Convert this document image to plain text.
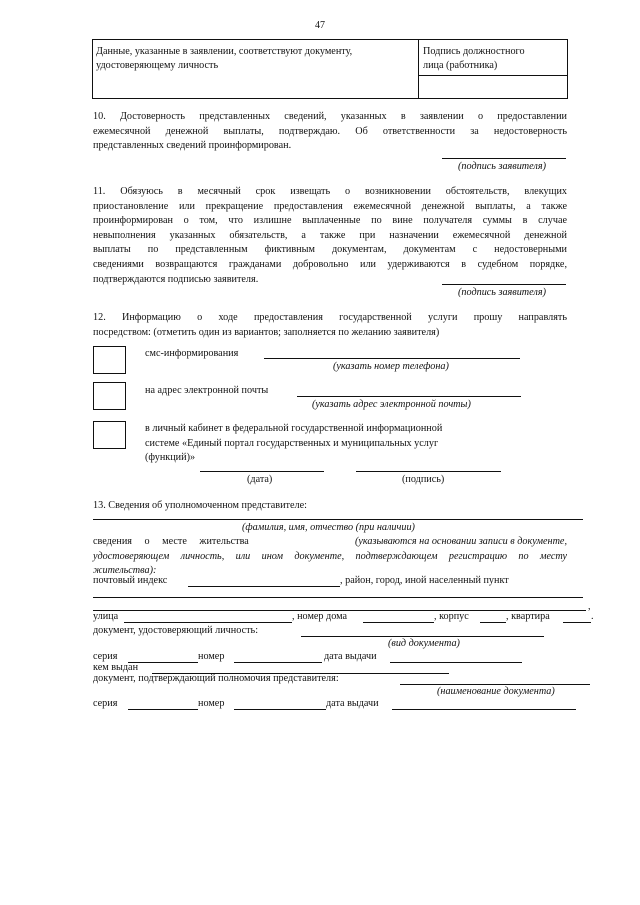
47
Данные, указанные в заявлении, соответствуют документу,
удостоверяющему личность
Подпись должностного
лица (работника)
10. Достоверность представленных сведений, указанных в заявлении о предоставлении
ежемесячной денежной выплаты, подтверждаю. Об ответственности за недостоверность
представленных сведений проинформирован.
(подпись заявителя)
11. Обязуюсь в месячный срок извещать о возникновении обстоятельств, влекущих
приостановление или прекращение предоставления ежемесячной денежной выплаты, а также
проинформирован о том, что излишне выплаченные по вине получателя суммы в случае
невыполнения указанных обязательств, а также при назначении ежемесячной денежной
выплаты по представленным фиктивным документам, документам с недостоверными
сведениями возвращаются гражданами добровольно или удерживаются в судебном порядке,
подтверждаются подписью заявителя.
(подпись заявителя)
12. Информацию о ходе предоставления государственной услуги прошу направлять
посредством: (отметить один из вариантов; заполняется по желанию заявителя)
смс-информирования
(указать номер телефона)
на адрес электронной почты
(указать адрес электронной почты)
в личный кабинет в федеральной государственной информационной
системе «Единый портал государственных и муниципальных услуг
(функций)»
(дата)	(подпись)
13. Сведения об уполномоченном представителе:
(фамилия, имя, отчество (при наличии)
сведения о месте жительства	(указываются на основании записи в документе,
удостоверяющем личность, или ином документе, подтверждающем регистрацию по месту
жительства):
почтовый индекс	, район, город, иной населенный пункт
,
улица	, номер дома	, корпус	, квартира	.
документ, удостоверяющий личность:
(вид документа)
серия	номер	дата выдачи
кем выдан
документ, подтверждающий полномочия представителя:
(наименование документа)
серия	номер	дата выдачи
